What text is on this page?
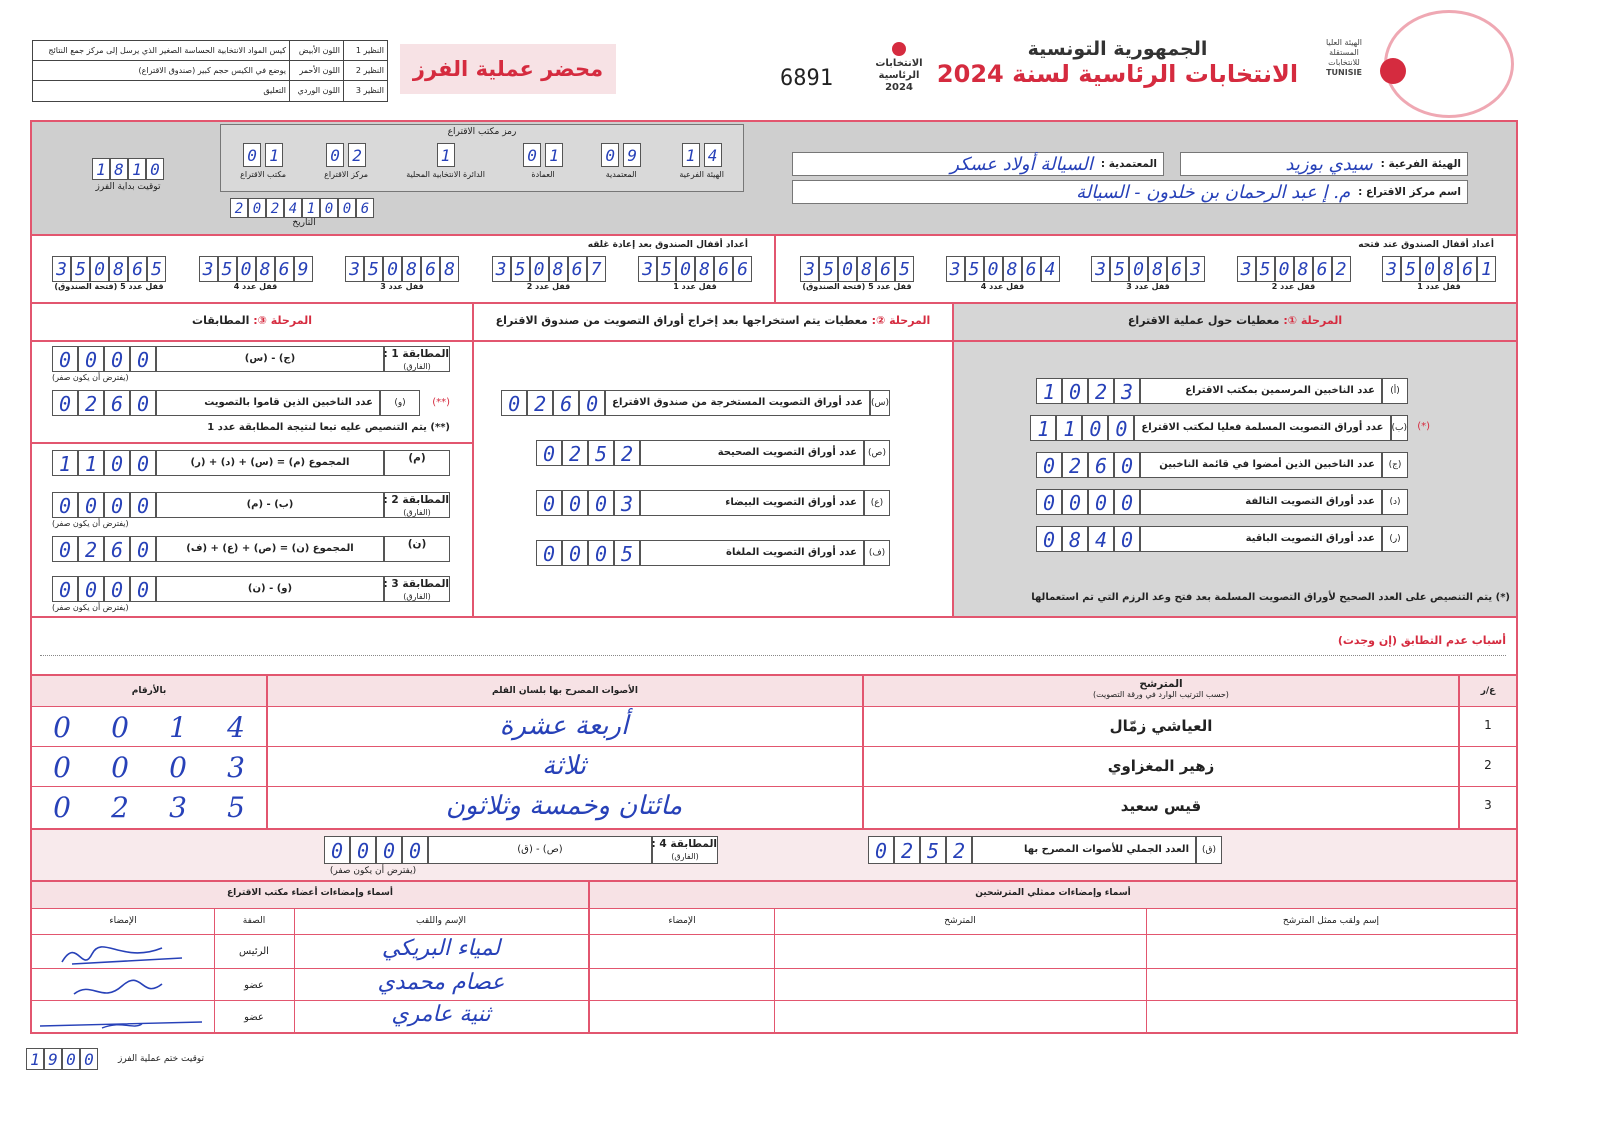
النظير 1
اللون الأبيض
كيس المواد الانتخابية الحساسة الصغير الذي يرسل إلى مركز جمع النتائج
النظير 2
اللون الأحمر
يوضع في الكيس حجم كبير (صندوق الاقتراع)
النظير 3
اللون الوردي
التعليق
محضر عملية الفرز	6891
الانتخابات الرئاسية 2024
الجمهورية التونسية
الانتخابات الرئاسية لسنة 2024
الهيئة العليا المستقلة للانتخابات
TUNISIE
1 8 1 0
توقيت بداية الفرز
رمز مكتب الاقتراع
1 4
الهيئة الفرعية
0 9
المعتمدية
0 1
العمادة
1
الدائرة الانتخابية المحلية
0 2
مركز الاقتراع
0 1
مكتب الاقتراع
2 0 2 4 1 0 0 6
التاريخ
المعتمدية :
السيالة أولاد عسكر	الهيئة الفرعية :
سيدي بوزيد
اسم مركز الاقتراع :
م. إ عبد الرحمان بن خلدون - السيالة
أعداد أقفال الصندوق بعد إعادة غلقه	أعداد أقفال الصندوق عند فتحه
3 5 0 8 6 6
قفل عدد 1
3 5 0 8 6 7
قفل عدد 2
3 5 0 8 6 8
قفل عدد 3
3 5 0 8 6 9
قفل عدد 4
3 5 0 8 6 5
قفل عدد 5 (فتحة الصندوق)
3 5 0 8 6 1
قفل عدد 1
3 5 0 8 6 2
قفل عدد 2
3 5 0 8 6 3
قفل عدد 3
3 5 0 8 6 4
قفل عدد 4
3 5 0 8 6 5
قفل عدد 5 (فتحة الصندوق)
المرحلة ①: معطيات حول عملية الاقتراع
المرحلة ②: معطيات يتم استخراجها بعد إخراج أوراق التصويت من صندوق الاقتراع
المرحلة ③: المطابقات
(أ)
عدد الناخبين المرسمين بمكتب الاقتراع
1 0 2 3
(ب)
عدد أوراق التصويت المسلمة فعليا لمكتب الاقتراع
1 1 0 0	(*)
(ج)
عدد الناخبين الذين أمضوا في قائمة الناخبين
0 2 6 0
(د)
عدد أوراق التصويت التالفة
0 0 0 0
(ر)
عدد أوراق التصويت الباقية
0 8 4 0
(*) يتم التنصيص على العدد الصحيح لأوراق التصويت المسلمة بعد فتح وعد الرزم التي تم استعمالها
(س)
عدد أوراق التصويت المستخرجة من صندوق الاقتراع
0 2 6 0
(ص)
عدد أوراق التصويت الصحيحة
0 2 5 2
(ع)
عدد أوراق التصويت البيضاء
0 0 0 3
(ف)
عدد أوراق التصويت الملغاة
0 0 0 5
المطابقة 1 :
(الفارق)
(ج) - (س)
0 0 0 0
(يفترض أن يكون صفر)
(**)
(و)
عدد الناخبين الذين قاموا بالتصويت
0 2 6 0
(**) يتم التنصيص عليه تبعا لنتيجة المطابقة عدد 1
(م)
المجموع (م) = (س) + (د) + (ر)
1 1 0 0
المطابقة 2 :
(الفارق)
(ب) - (م)
0 0 0 0
(يفترض أن يكون صفر)
(ن)
المجموع (ن) = (ص) + (ع) + (ف)
0 2 6 0
المطابقة 3 :
(الفارق)
(و) - (ن)
0 0 0 0
(يفترض أن يكون صفر)
أسباب عدم التطابق (إن وجدت)
بالأرقام	الأصوات المصرح بها بلسان القلم
المترشح
(حسب الترتيب الوارد في ورقة التصويت)	ع/ر
0	0	1	4	أربعة عشرة	العياشي زمّال	1
0	0	0	3	ثلاثة	زهير المغزاوي	2
0	2	3	5	مائتان وخمسة وثلاثون	قيس سعيد	3
(ق)
العدد الجملي للأصوات المصرح بها
0 2 5 2
المطابقة 4 :
(الفارق)
(ص) - (ق)
0 0 0 0
(يفترض أن يكون صفر)
أسماء وإمضاءات أعضاء مكتب الاقتراع	أسماء وإمضاءات ممثلي المترشحين
الإمضاء	الصفة	الإسم واللقب	الإمضاء	المترشح	إسم ولقب ممثل المترشح
لمياء البريكي
الرئيس
عصام محمدي
عضو
ثنية عامري
عضو
1 9 0 0	توقيت ختم عملية الفرز
